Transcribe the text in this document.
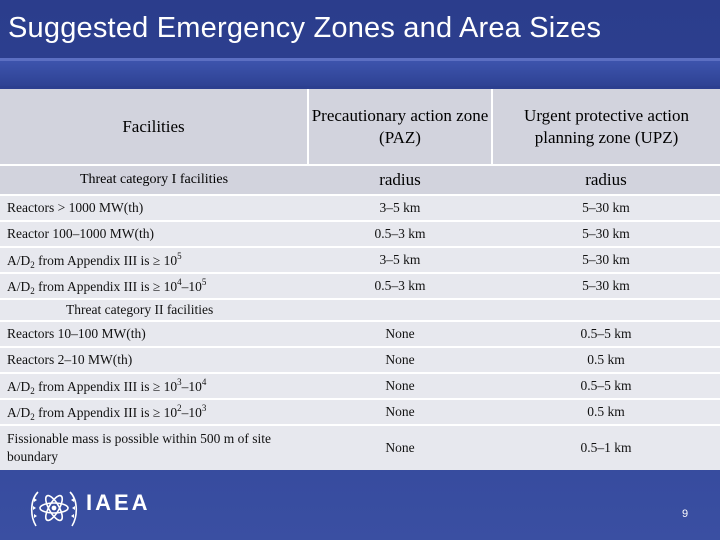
Suggested Emergency Zones and Area Sizes
Facilities	Precautionary action zone (PAZ)	Urgent protective action planning zone (UPZ)
Threat category I facilities	radius	radius
Reactors > 1000 MW(th)	3–5 km	5–30 km
Reactor 100–1000 MW(th)	0.5–3 km	5–30 km
$A/D_2$ from Appendix III is ≥ $10^5$	3–5 km	5–30 km
$A/D_2$ from Appendix III is ≥ $10^4-10^5$	0.5–3 km	5–30 km
Threat category II facilities		
Reactors 10–100 MW(th)	None	0.5–5 km
Reactors 2–10 MW(th)	None	0.5 km
$A/D_2$ from Appendix III is ≥ $10^3-10^4$	None	0.5–5 km
$A/D_2$ from Appendix III is ≥ $10^2-10^3$	None	0.5 km
Fissionable mass is possible within 500 m of site boundary	None	0.5–1 km
IAEA	9
